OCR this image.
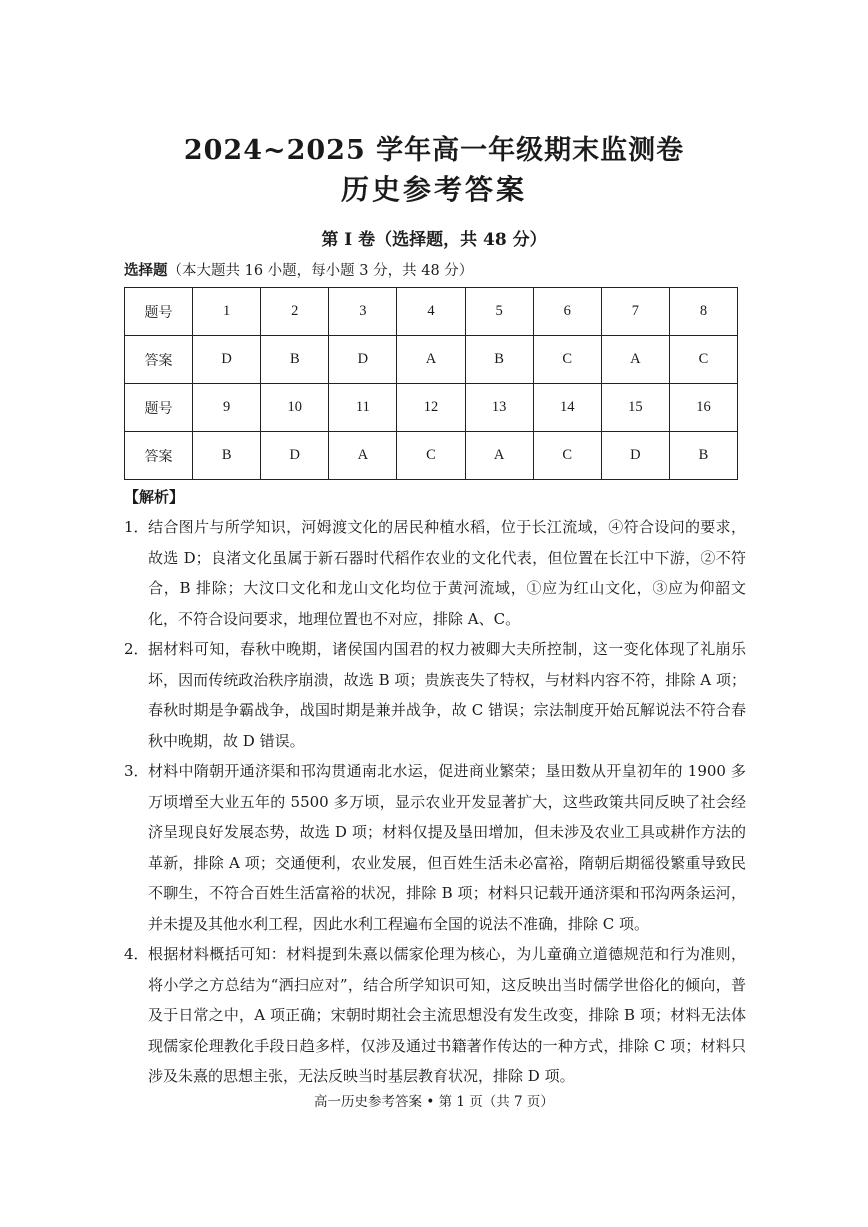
2024~2025 学年高一年级期末监测卷
历史参考答案
第 I 卷（选择题，共 48 分）
选择题（本大题共 16 小题，每小题 3 分，共 48 分）
题号	1	2	3	4	5	6	7	8
答案	D	B	D	A	B	C	A	C
题号	9	10	11	12	13	14	15	16
答案	B	D	A	C	A	C	D	B
【解析】
1． 结合图片与所学知识，河姆渡文化的居民种植水稻，位于长江流域，④符合设问的要求，故选 D；良渚文化虽属于新石器时代稻作农业的文化代表，但位置在长江中下游，②不符合，B 排除；大汶口文化和龙山文化均位于黄河流域，①应为红山文化，③应为仰韶文化，不符合设问要求，地理位置也不对应，排除 A、C。
2． 据材料可知，春秋中晚期，诸侯国内国君的权力被卿大夫所控制，这一变化体现了礼崩乐坏，因而传统政治秩序崩溃，故选 B 项；贵族丧失了特权，与材料内容不符，排除 A 项；春秋时期是争霸战争，战国时期是兼并战争，故 C 错误；宗法制度开始瓦解说法不符合春秋中晚期，故 D 错误。
3． 材料中隋朝开通济渠和邗沟贯通南北水运，促进商业繁荣；垦田数从开皇初年的 1900 多万顷增至大业五年的 5500 多万顷，显示农业开发显著扩大，这些政策共同反映了社会经济呈现良好发展态势，故选 D 项；材料仅提及垦田增加，但未涉及农业工具或耕作方法的革新，排除 A 项；交通便利，农业发展，但百姓生活未必富裕，隋朝后期徭役繁重导致民不聊生，不符合百姓生活富裕的状况，排除 B 项；材料只记载开通济渠和邗沟两条运河，并未提及其他水利工程，因此水利工程遍布全国的说法不准确，排除 C 项。
4． 根据材料概括可知：材料提到朱熹以儒家伦理为核心，为儿童确立道德规范和行为准则，将小学之方总结为“洒扫应对”，结合所学知识可知，这反映出当时儒学世俗化的倾向，普及于日常之中，A 项正确；宋朝时期社会主流思想没有发生改变，排除 B 项；材料无法体现儒家伦理教化手段日趋多样，仅涉及通过书籍著作传达的一种方式，排除 C 项；材料只涉及朱熹的思想主张，无法反映当时基层教育状况，排除 D 项。
高一历史参考答案 • 第 1 页（共 7 页）
